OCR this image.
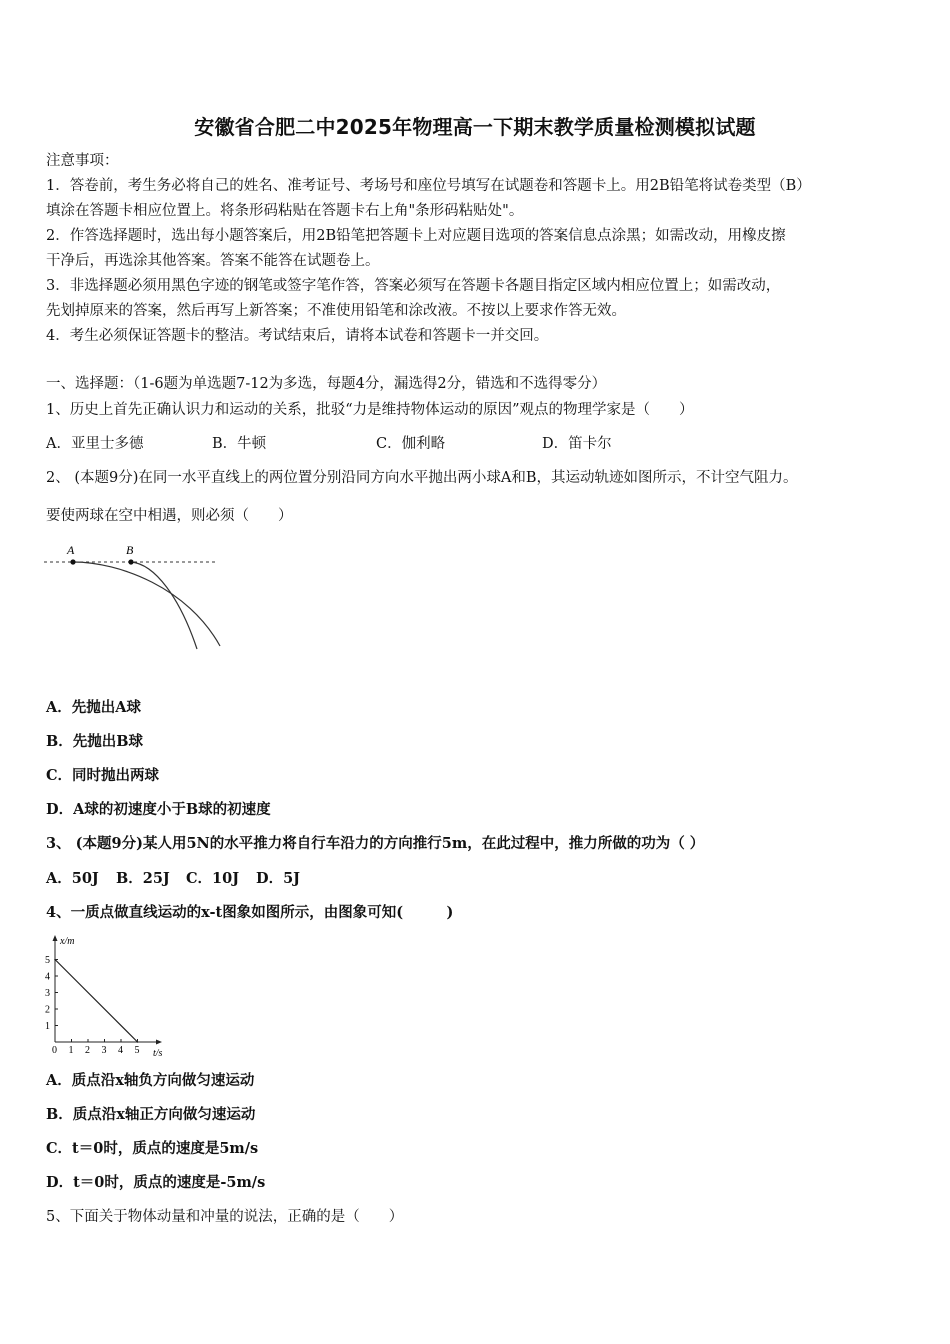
安徽省合肥二中2025年物理高一下期末教学质量检测模拟试题
注意事项：
1．答卷前，考生务必将自己的姓名、准考证号、考场号和座位号填写在试题卷和答题卡上。用2B铅笔将试卷类型（B）
填涂在答题卡相应位置上。将条形码粘贴在答题卡右上角"条形码粘贴处"。
2．作答选择题时，选出每小题答案后，用2B铅笔把答题卡上对应题目选项的答案信息点涂黑；如需改动，用橡皮擦
干净后，再选涂其他答案。答案不能答在试题卷上。
3．非选择题必须用黑色字迹的钢笔或签字笔作答，答案必须写在答题卡各题目指定区域内相应位置上；如需改动，
先划掉原来的答案，然后再写上新答案；不准使用铅笔和涂改液。不按以上要求作答无效。
4．考生必须保证答题卡的整洁。考试结束后，请将本试卷和答题卡一并交回。
一、选择题：（1-6题为单选题7-12为多选，每题4分，漏选得2分，错选和不选得零分）
1、历史上首先正确认识力和运动的关系，批驳“力是维持物体运动的原因”观点的物理学家是（　　）
A．亚里士多德	B．牛顿	C．伽利略	D．笛卡尔
2、 (本题9分)在同一水平直线上的两位置分别沿同方向水平抛出两小球A和B，其运动轨迹如图所示，不计空气阻力。
要使两球在空中相遇，则必须（　　）
A	B
A．先抛出A球
B．先抛出B球
C．同时抛出两球
D．A球的初速度小于B球的初速度
3、 (本题9分)某人用5N的水平推力将自行车沿力的方向推行5m，在此过程中，推力所做的功为（ ）
A．50J B．25J C．10J D．5J
4、一质点做直线运动的x-t图象如图所示，由图象可知(　　　)
0 1 2 3 4 5
1
2
3
4
5
x/m
t/s
A．质点沿x轴负方向做匀速运动
B．质点沿x轴正方向做匀速运动
C．t＝0时，质点的速度是5m/s
D．t＝0时，质点的速度是-5m/s
5、下面关于物体动量和冲量的说法，正确的是（　　）
